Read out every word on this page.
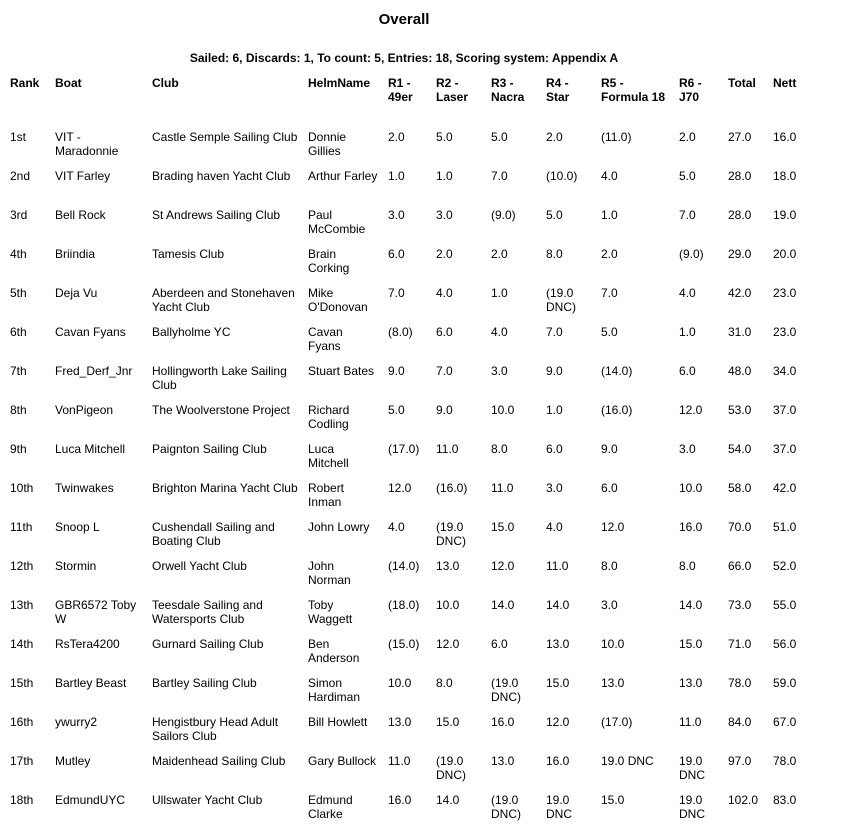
Overall
Sailed: 6, Discards: 1, To count: 5, Entries: 18, Scoring system: Appendix A
Rank	Boat	Club	HelmName	R1 - 49er	R2 - Laser	R3 - Nacra	R4 - Star	R5 - Formula 18	R6 - J70	Total	Nett
1st	VIT - Maradonnie	Castle Semple Sailing Club	Donnie Gillies	2.0	5.0	5.0	2.0	(11.0)	2.0	27.0	16.0
2nd	VIT Farley	Brading haven Yacht Club	Arthur Farley	1.0	1.0	7.0	(10.0)	4.0	5.0	28.0	18.0
3rd	Bell Rock	St Andrews Sailing Club	Paul McCombie	3.0	3.0	(9.0)	5.0	1.0	7.0	28.0	19.0
4th	Briindia	Tamesis Club	Brain Corking	6.0	2.0	2.0	8.0	2.0	(9.0)	29.0	20.0
5th	Deja Vu	Aberdeen and Stonehaven Yacht Club	Mike O'Donovan	7.0	4.0	1.0	(19.0 DNC)	7.0	4.0	42.0	23.0
6th	Cavan Fyans	Ballyholme YC	Cavan Fyans	(8.0)	6.0	4.0	7.0	5.0	1.0	31.0	23.0
7th	Fred_Derf_Jnr	Hollingworth Lake Sailing Club	Stuart Bates	9.0	7.0	3.0	9.0	(14.0)	6.0	48.0	34.0
8th	VonPigeon	The Woolverstone Project	Richard Codling	5.0	9.0	10.0	1.0	(16.0)	12.0	53.0	37.0
9th	Luca Mitchell	Paignton Sailing Club	Luca Mitchell	(17.0)	11.0	8.0	6.0	9.0	3.0	54.0	37.0
10th	Twinwakes	Brighton Marina Yacht Club	Robert Inman	12.0	(16.0)	11.0	3.0	6.0	10.0	58.0	42.0
11th	Snoop L	Cushendall Sailing and Boating Club	John Lowry	4.0	(19.0 DNC)	15.0	4.0	12.0	16.0	70.0	51.0
12th	Stormin	Orwell Yacht Club	John Norman	(14.0)	13.0	12.0	11.0	8.0	8.0	66.0	52.0
13th	GBR6572 Toby W	Teesdale Sailing and Watersports Club	Toby Waggett	(18.0)	10.0	14.0	14.0	3.0	14.0	73.0	55.0
14th	RsTera4200	Gurnard Sailing Club	Ben Anderson	(15.0)	12.0	6.0	13.0	10.0	15.0	71.0	56.0
15th	Bartley Beast	Bartley Sailing Club	Simon Hardiman	10.0	8.0	(19.0 DNC)	15.0	13.0	13.0	78.0	59.0
16th	ywurry2	Hengistbury Head Adult Sailors Club	Bill Howlett	13.0	15.0	16.0	12.0	(17.0)	11.0	84.0	67.0
17th	Mutley	Maidenhead Sailing Club	Gary Bullock	11.0	(19.0 DNC)	13.0	16.0	19.0 DNC	19.0 DNC	97.0	78.0
18th	EdmundUYC	Ullswater Yacht Club	Edmund Clarke	16.0	14.0	(19.0 DNC)	19.0 DNC	15.0	19.0 DNC	102.0	83.0
